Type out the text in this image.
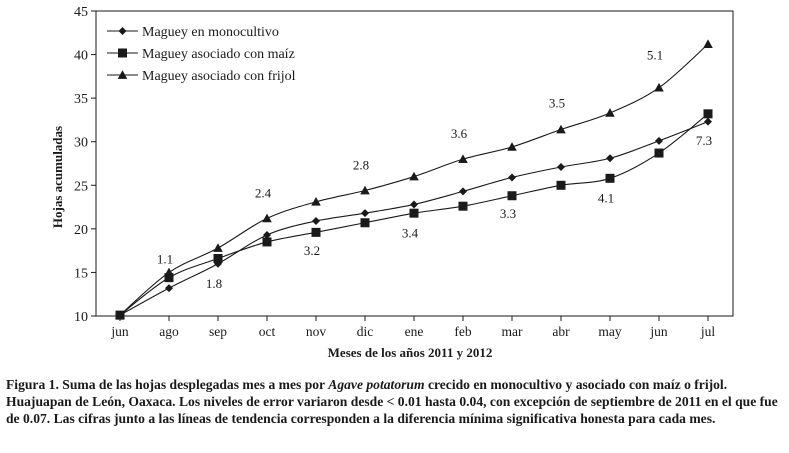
10
15
20
25
30
35
40
45
jun ago sep oct nov dic ene feb mar abr may jun jul
1.1
1.8
2.4
3.2
2.8
3.4
3.6
3.3
3.5
4.1
5.1
7.3
Maguey en monocultivo
Maguey asociado con maíz
Maguey asociado con frijol
Hojas acumuladas
Meses de los años 2011 y 2012
Figura 1. Suma de las hojas desplegadas mes a mes por Agave potatorum crecido en monocultivo y asociado con maíz o frijol. Huajuapan de León, Oaxaca. Los niveles de error variaron desde < 0.01 hasta 0.04, con excepción de septiembre de 2011 en el que fue de 0.07. Las cifras junto a las líneas de tendencia corresponden a la diferencia mínima significativa honesta para cada mes.
